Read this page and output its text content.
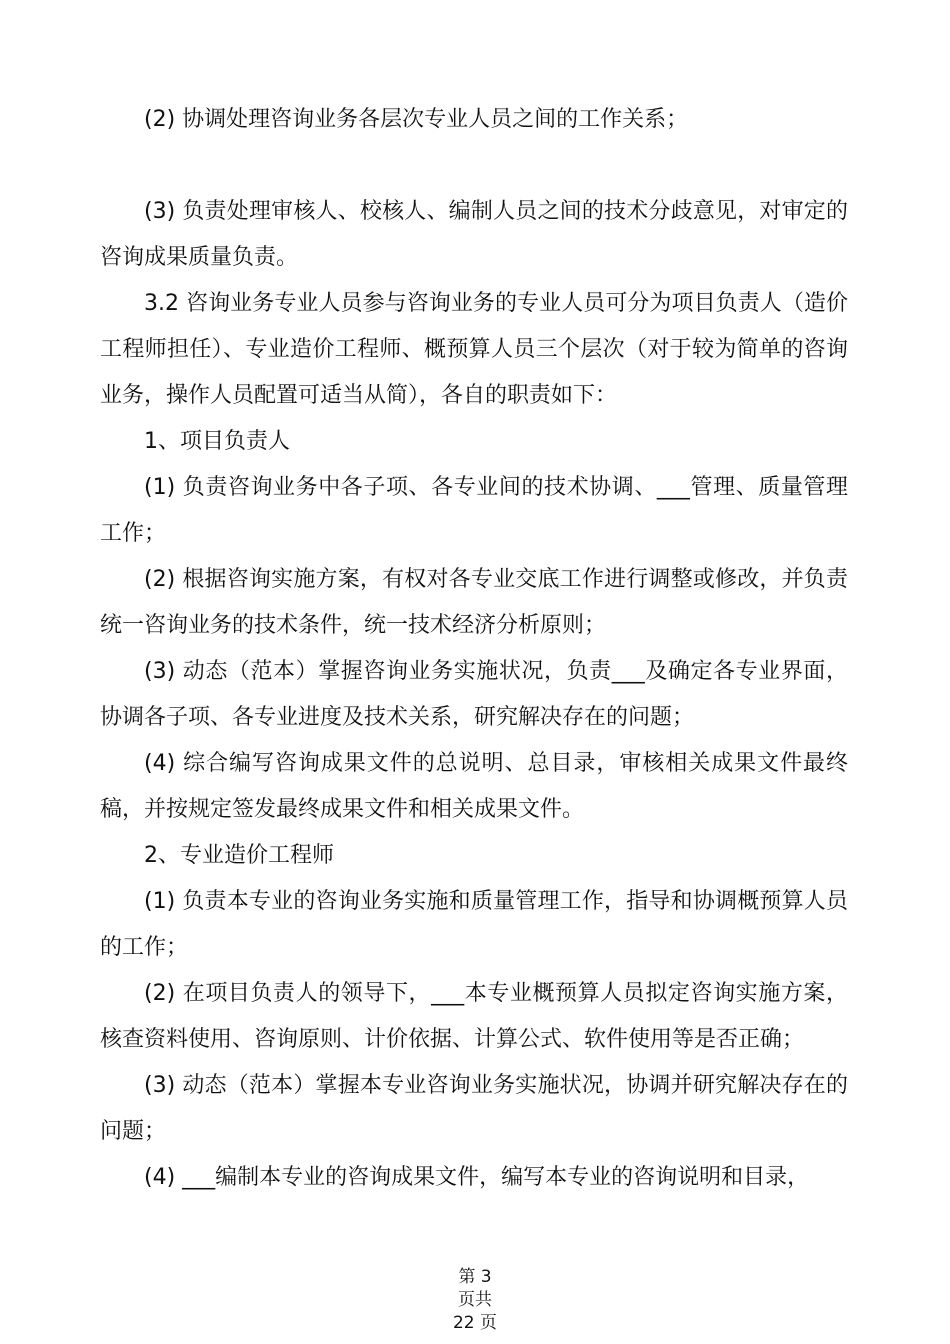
(2) 协调处理咨询业务各层次专业人员之间的工作关系；

(3) 负责处理审核人、校核人、编制人员之间的技术分歧意见，对审定的咨询成果质量负责。

3.2 咨询业务专业人员参与咨询业务的专业人员可分为项目负责人（造价工程师担任）、专业造价工程师、概预算人员三个层次（对于较为简单的咨询业务，操作人员配置可适当从简），各自的职责如下：

1、项目负责人

(1) 负责咨询业务中各子项、各专业间的技术协调、___管理、质量管理工作；

(2) 根据咨询实施方案，有权对各专业交底工作进行调整或修改，并负责统一咨询业务的技术条件，统一技术经济分析原则；

(3) 动态（范本）掌握咨询业务实施状况，负责___及确定各专业界面，协调各子项、各专业进度及技术关系，研究解决存在的问题；

(4) 综合编写咨询成果文件的总说明、总目录，审核相关成果文件最终稿，并按规定签发最终成果文件和相关成果文件。

2、专业造价工程师

(1) 负责本专业的咨询业务实施和质量管理工作，指导和协调概预算人员的工作；

(2) 在项目负责人的领导下，___本专业概预算人员拟定咨询实施方案，核查资料使用、咨询原则、计价依据、计算公式、软件使用等是否正确；

(3) 动态（范本）掌握本专业咨询业务实施状况，协调并研究解决存在的问题；

(4) ___编制本专业的咨询成果文件，编写本专业的咨询说明和目录，

第 3
页共
22 页
